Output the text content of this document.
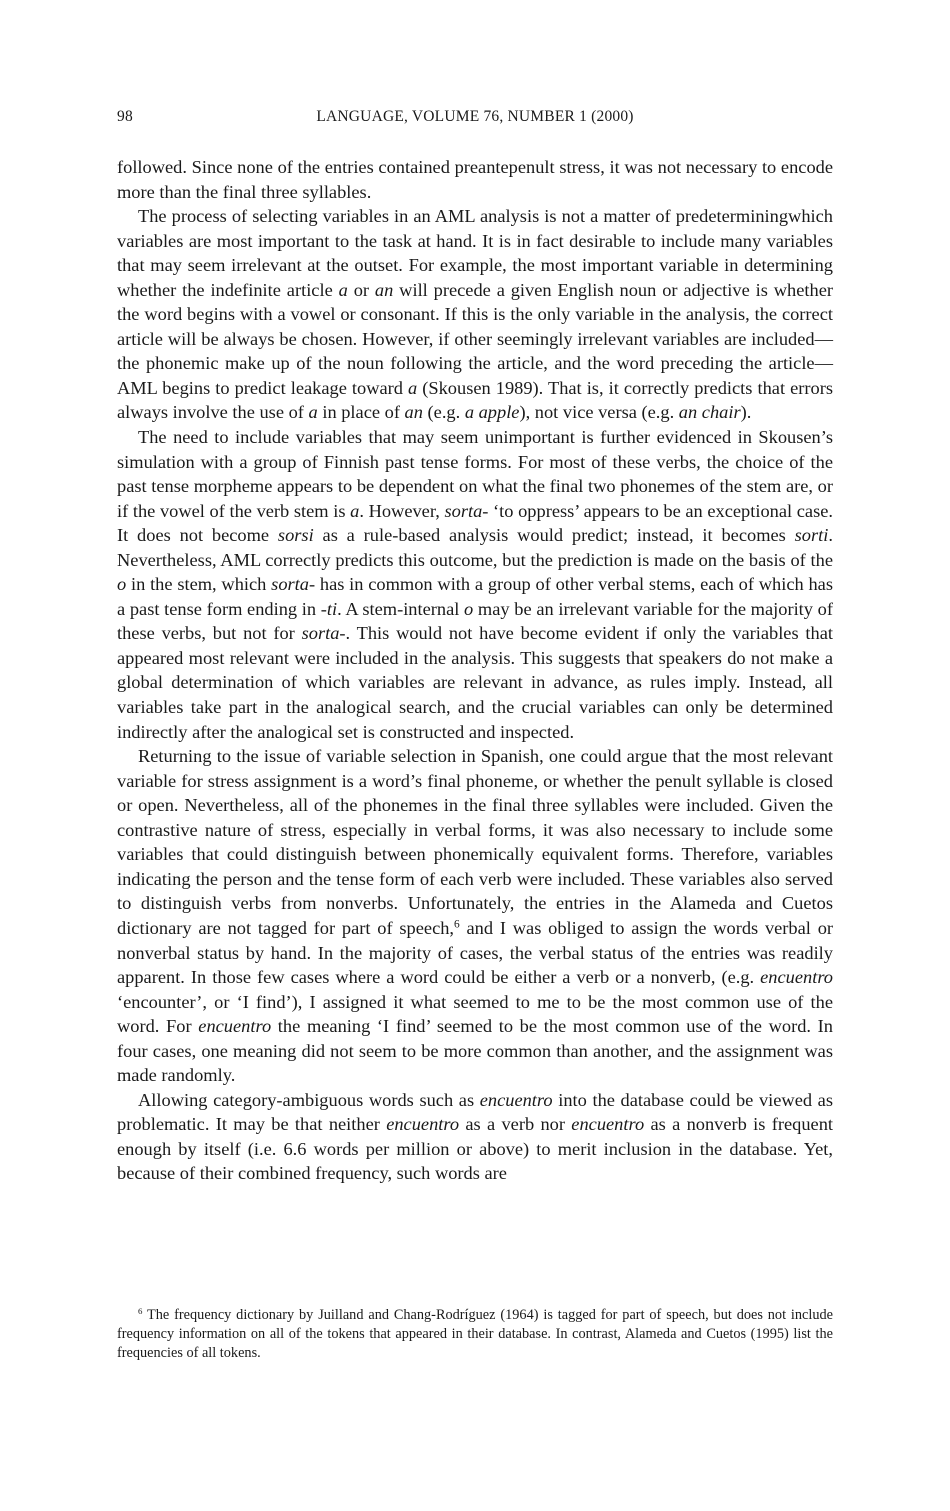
98	LANGUAGE, VOLUME 76, NUMBER 1 (2000)

followed. Since none of the entries contained preantepenult stress, it was not necessary to encode more than the final three syllables.

The process of selecting variables in an AML analysis is not a matter of predeterminingwhich variables are most important to the task at hand. It is in fact desirable to include many variables that may seem irrelevant at the outset. For example, the most important variable in determining whether the indefinite article a or an will precede a given English noun or adjective is whether the word begins with a vowel or consonant. If this is the only variable in the analysis, the correct article will be always be chosen. However, if other seemingly irrelevant variables are included—the phonemic make up of the noun following the article, and the word preceding the article—AML begins to predict leakage toward a (Skousen 1989). That is, it correctly predicts that errors always involve the use of a in place of an (e.g. a apple), not vice versa (e.g. an chair).

The need to include variables that may seem unimportant is further evidenced in Skousen’s simulation with a group of Finnish past tense forms. For most of these verbs, the choice of the past tense morpheme appears to be dependent on what the final two phonemes of the stem are, or if the vowel of the verb stem is a. However, sorta- ‘to oppress’ appears to be an exceptional case. It does not become sorsi as a rule-based analysis would predict; instead, it becomes sorti. Nevertheless, AML correctly predicts this outcome, but the prediction is made on the basis of the o in the stem, which sorta- has in common with a group of other verbal stems, each of which has a past tense form ending in -ti. A stem-internal o may be an irrelevant variable for the majority of these verbs, but not for sorta-. This would not have become evident if only the variables that appeared most relevant were included in the analysis. This suggests that speakers do not make a global determination of which variables are relevant in advance, as rules imply. Instead, all variables take part in the analogical search, and the crucial variables can only be determined indirectly after the analogical set is constructed and inspected.

Returning to the issue of variable selection in Spanish, one could argue that the most relevant variable for stress assignment is a word’s final phoneme, or whether the penult syllable is closed or open. Nevertheless, all of the phonemes in the final three syllables were included. Given the contrastive nature of stress, especially in verbal forms, it was also necessary to include some variables that could distinguish between phonemically equivalent forms. Therefore, variables indicating the person and the tense form of each verb were included. These variables also served to distinguish verbs from nonverbs. Unfortunately, the entries in the Alameda and Cuetos dictionary are not tagged for part of speech,$^6$ and I was obliged to assign the words verbal or nonverbal status by hand. In the majority of cases, the verbal status of the entries was readily apparent. In those few cases where a word could be either a verb or a nonverb, (e.g. encuentro ‘encounter’, or ‘I find’), I assigned it what seemed to me to be the most common use of the word. For encuentro the meaning ‘I find’ seemed to be the most common use of the word. In four cases, one meaning did not seem to be more common than another, and the assignment was made randomly.

Allowing category-ambiguous words such as encuentro into the database could be viewed as problematic. It may be that neither encuentro as a verb nor encuentro as a nonverb is frequent enough by itself (i.e. 6.6 words per million or above) to merit inclusion in the database. Yet, because of their combined frequency, such words are

$^6$ The frequency dictionary by Juilland and Chang-Rodríguez (1964) is tagged for part of speech, but does not include frequency information on all of the tokens that appeared in their database. In contrast, Alameda and Cuetos (1995) list the frequencies of all tokens.
